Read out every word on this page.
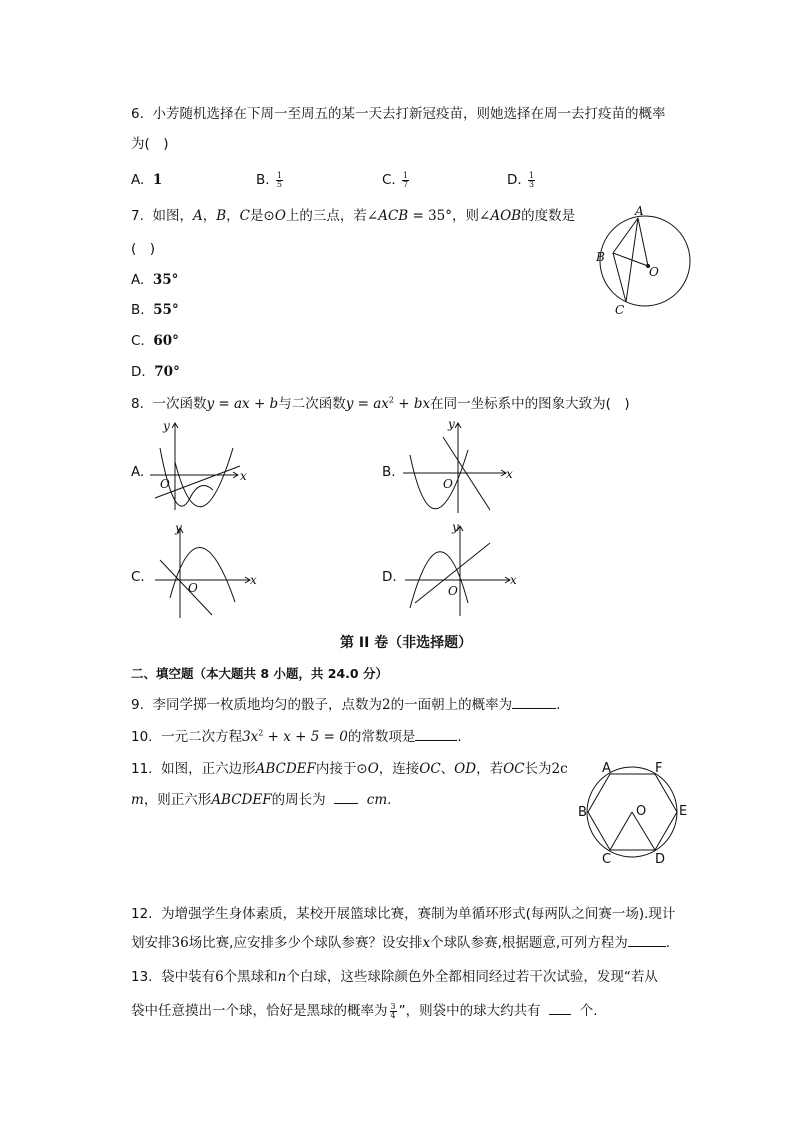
6. 小芳随机选择在下周一至周五的某一天去打新冠疫苗，则她选择在周一去打疫苗的概率
为(　)
A. 1	B. $\frac{1}{5}$	C. $\frac{1}{7}$	D. $\frac{1}{3}$
7. 如图，A，B，C是⊙O上的三点，若∠ACB = 35°，则∠AOB的度数是
(　)
A. 35°
B. 55°
C. 60°
D. 70°
A
B
C
O
8. 一次函数y = ax + b与二次函数$y = ax^2$ + bx在同一坐标系中的图象大致为(　)
A.
O
x
y
B.
O
x
y
C.
O
x
y
D.
O
x
y
第 II 卷（非选择题）
二、填空题（本大题共 8 小题，共 24.0 分）
9. 李同学掷一枚质地均匀的骰子，点数为2的一面朝上的概率为	.
10. 一元二次方程$3x^2 + x + 5 = 0$的常数项是	.
11. 如图，正六边形ABCDEF内接于⊙O，连接OC、OD，若OC长为2c
m，则正六形ABCDEF的周长为	cm.
A	F
B	E
C	D
O
12. 为增强学生身体素质，某校开展篮球比赛，赛制为单循环形式(每两队之间赛一场).现计
划安排36场比赛,应安排多少个球队参赛？设安排x个球队参赛,根据题意,可列方程为	.
13. 袋中装有6个黑球和n个白球，这些球除颜色外全都相同经过若干次试验，发现“若从
袋中任意摸出一个球，恰好是黑球的概率为 $\frac{3}{4}$ ”，则袋中的球大约共有	个.
